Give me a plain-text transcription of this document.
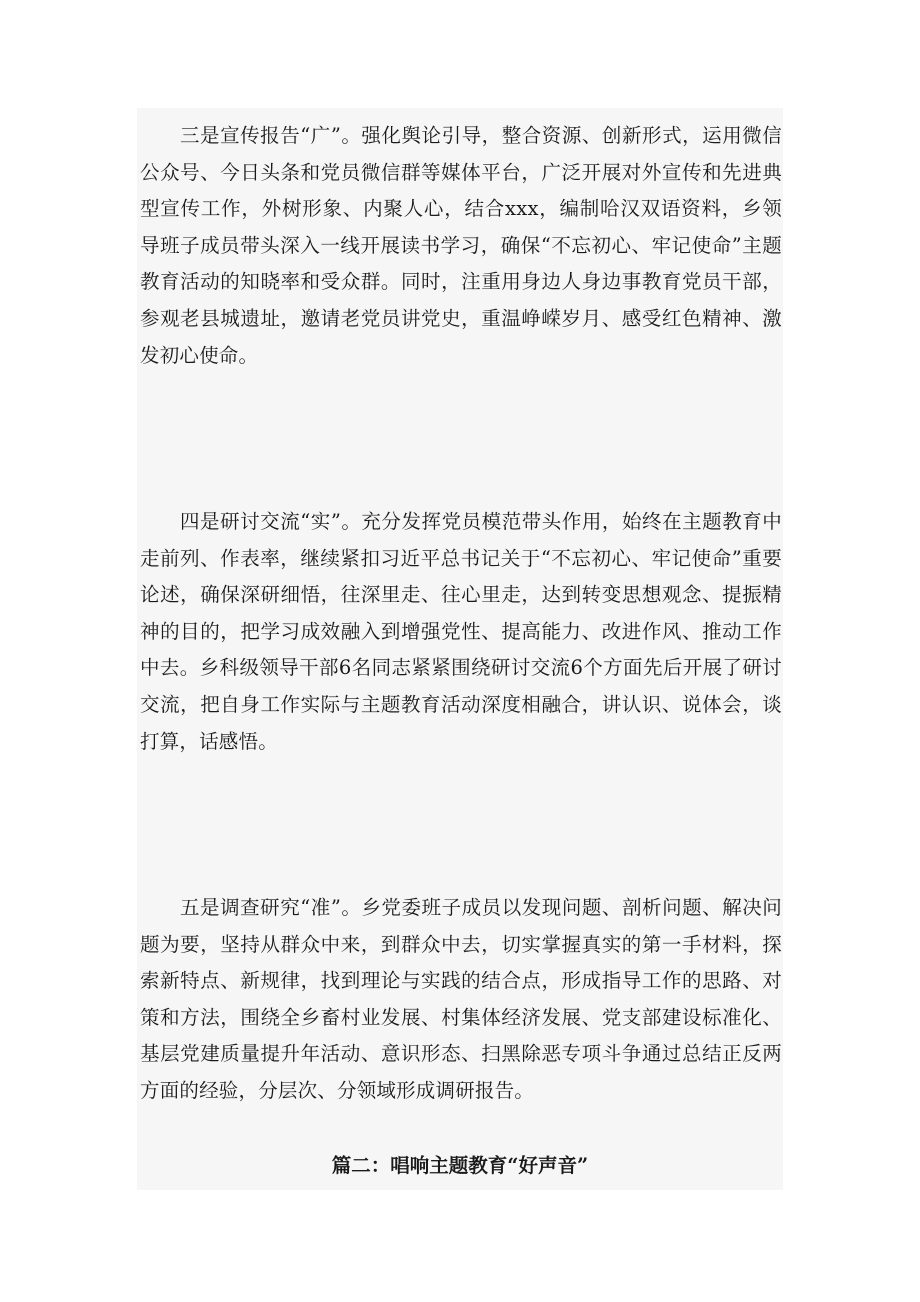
三是宣传报告“广”。强化舆论引导，整合资源、创新形式，运用微信公众号、今日头条和党员微信群等媒体平台，广泛开展对外宣传和先进典型宣传工作，外树形象、内聚人心，结合xxx，编制哈汉双语资料，乡领导班子成员带头深入一线开展读书学习，确保“不忘初心、牢记使命”主题教育活动的知晓率和受众群。同时，注重用身边人身边事教育党员干部，参观老县城遗址，邀请老党员讲党史，重温峥嵘岁月、感受红色精神、激发初心使命。

四是研讨交流“实”。充分发挥党员模范带头作用，始终在主题教育中走前列、作表率，继续紧扣习近平总书记关于“不忘初心、牢记使命”重要论述，确保深研细悟，往深里走、往心里走，达到转变思想观念、提振精神的目的，把学习成效融入到增强党性、提高能力、改进作风、推动工作中去。乡科级领导干部6名同志紧紧围绕研讨交流6个方面先后开展了研讨交流，把自身工作实际与主题教育活动深度相融合，讲认识、说体会，谈打算，话感悟。

五是调查研究“准”。乡党委班子成员以发现问题、剖析问题、解决问题为要，坚持从群众中来，到群众中去，切实掌握真实的第一手材料，探索新特点、新规律，找到理论与实践的结合点，形成指导工作的思路、对策和方法，围绕全乡畜村业发展、村集体经济发展、党支部建设标准化、基层党建质量提升年活动、意识形态、扫黑除恶专项斗争通过总结正反两方面的经验，分层次、分领域形成调研报告。

篇二：唱响主题教育“好声音”
